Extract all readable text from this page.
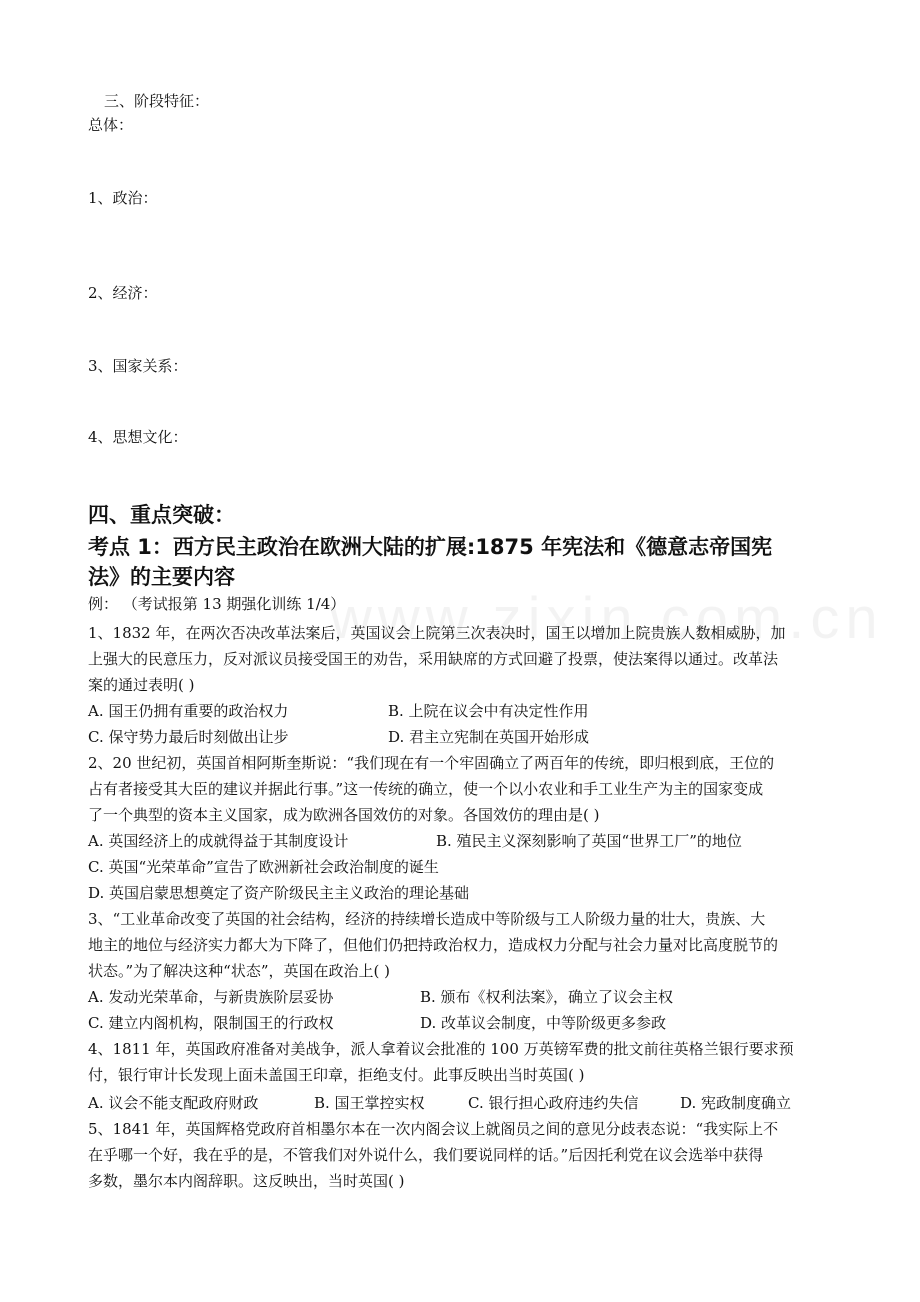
三、阶段特征：
总体：
1、政治：
2、经济：
3、国家关系：
4、思想文化：
四、重点突破：
考点 1：西方民主政治在欧洲大陆的扩展:1875 年宪法和《德意志帝国宪
法》的主要内容
例： （考试报第 13 期强化训练 1/4）
1、1832 年，在两次否决改革法案后，英国议会上院第三次表决时，国王以增加上院贵族人数相威胁，加
上强大的民意压力，反对派议员接受国王的劝告，采用缺席的方式回避了投票，使法案得以通过。改革法
案的通过表明( )
A. 国王仍拥有重要的政治权力	B. 上院在议会中有决定性作用
C. 保守势力最后时刻做出让步	D. 君主立宪制在英国开始形成
2、20 世纪初，英国首相阿斯奎斯说：“我们现在有一个牢固确立了两百年的传统，即归根到底，王位的
占有者接受其大臣的建议并据此行事。”这一传统的确立，使一个以小农业和手工业生产为主的国家变成
了一个典型的资本主义国家，成为欧洲各国效仿的对象。各国效仿的理由是( )
A. 英国经济上的成就得益于其制度设计	B. 殖民主义深刻影响了英国“世界工厂”的地位
C. 英国“光荣革命”宣告了欧洲新社会政治制度的诞生
D. 英国启蒙思想奠定了资产阶级民主主义政治的理论基础
3、“工业革命改变了英国的社会结构，经济的持续增长造成中等阶级与工人阶级力量的壮大，贵族、大
地主的地位与经济实力都大为下降了，但他们仍把持政治权力，造成权力分配与社会力量对比高度脱节的
状态。”为了解决这种“状态”，英国在政治上( )
A. 发动光荣革命，与新贵族阶层妥协	B. 颁布《权利法案》，确立了议会主权
C. 建立内阁机构，限制国王的行政权	D. 改革议会制度，中等阶级更多参政
4、1811 年，英国政府准备对美战争，派人拿着议会批准的 100 万英镑军费的批文前往英格兰银行要求预
付，银行审计长发现上面未盖国王印章，拒绝支付。此事反映出当时英国( )
A. 议会不能支配政府财政	B. 国王掌控实权	C. 银行担心政府违约失信	D. 宪政制度确立
5、1841 年，英国辉格党政府首相墨尔本在一次内阁会议上就阁员之间的意见分歧表态说：“我实际上不
在乎哪一个好，我在乎的是，不管我们对外说什么，我们要说同样的话。”后因托利党在议会选举中获得
多数，墨尔本内阁辞职。这反映出，当时英国( )
